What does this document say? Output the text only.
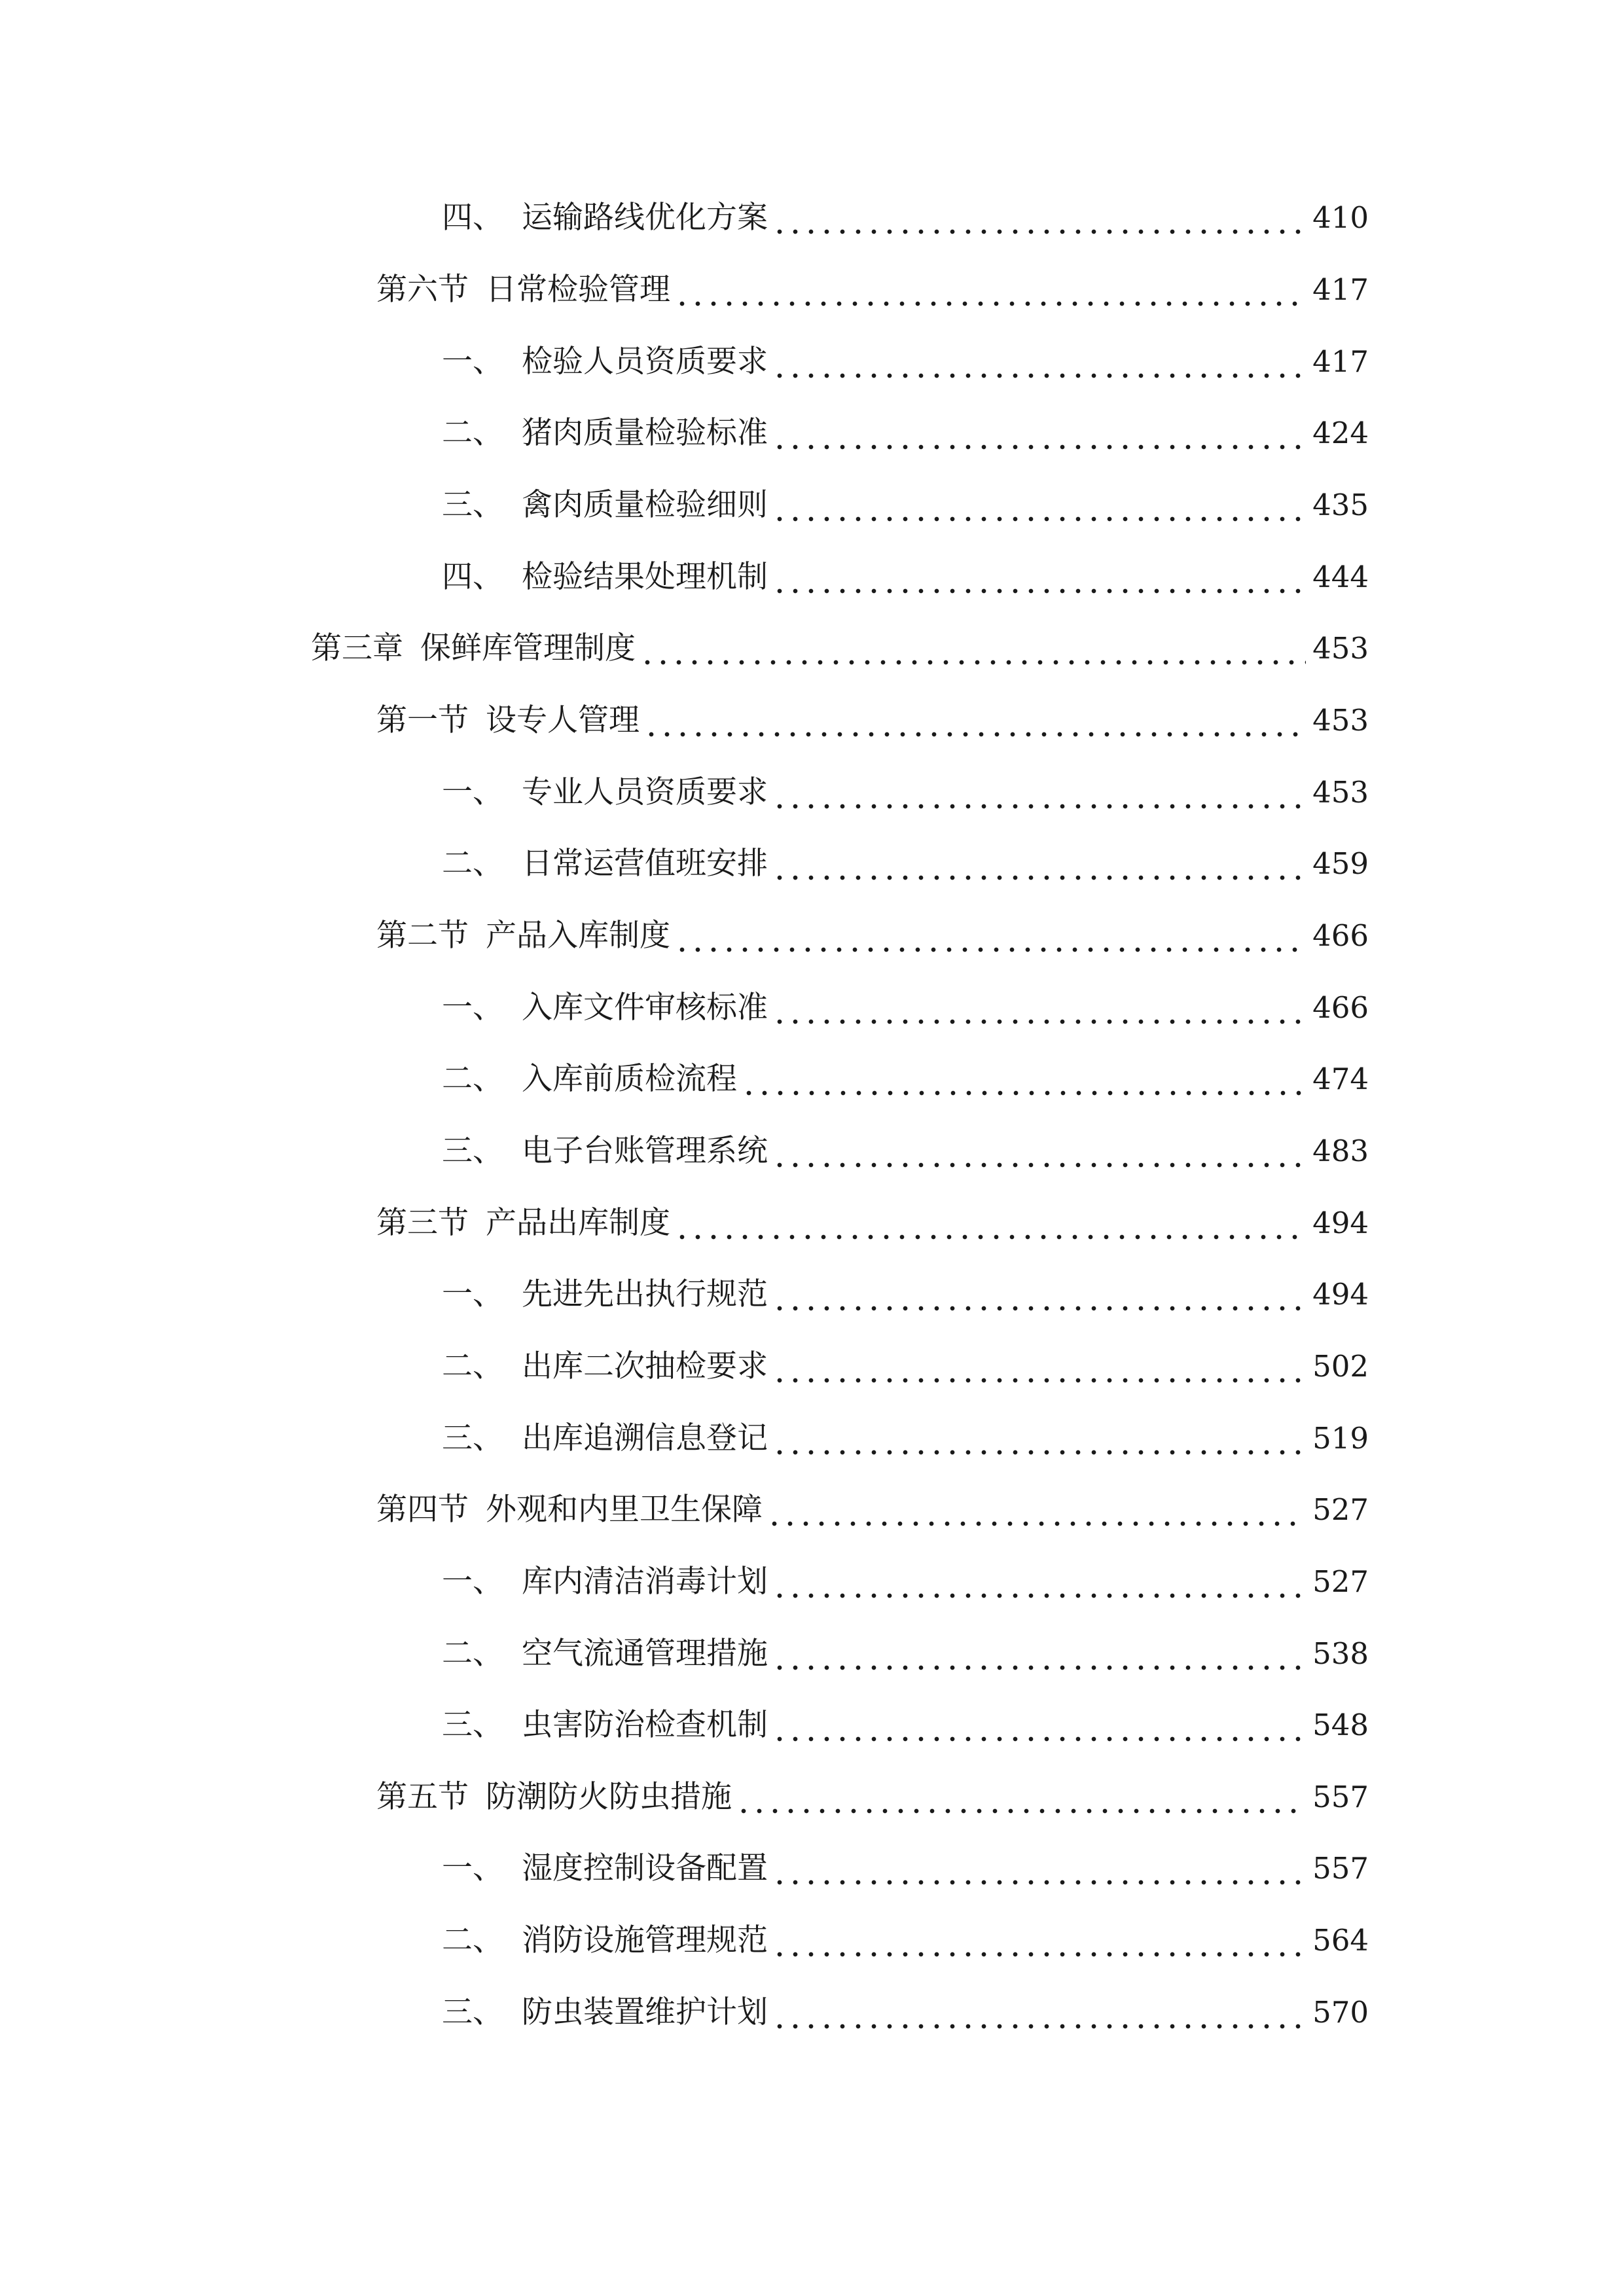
四、 运输路线优化方案	410
第六节 日常检验管理	417
一、 检验人员资质要求	417
二、 猪肉质量检验标准	424
三、 禽肉质量检验细则	435
四、 检验结果处理机制	444
第三章 保鲜库管理制度	453
第一节 设专人管理	453
一、 专业人员资质要求	453
二、 日常运营值班安排	459
第二节 产品入库制度	466
一、 入库文件审核标准	466
二、 入库前质检流程	474
三、 电子台账管理系统	483
第三节 产品出库制度	494
一、 先进先出执行规范	494
二、 出库二次抽检要求	502
三、 出库追溯信息登记	519
第四节 外观和内里卫生保障	527
一、 库内清洁消毒计划	527
二、 空气流通管理措施	538
三、 虫害防治检查机制	548
第五节 防潮防火防虫措施	557
一、 湿度控制设备配置	557
二、 消防设施管理规范	564
三、 防虫装置维护计划	570
